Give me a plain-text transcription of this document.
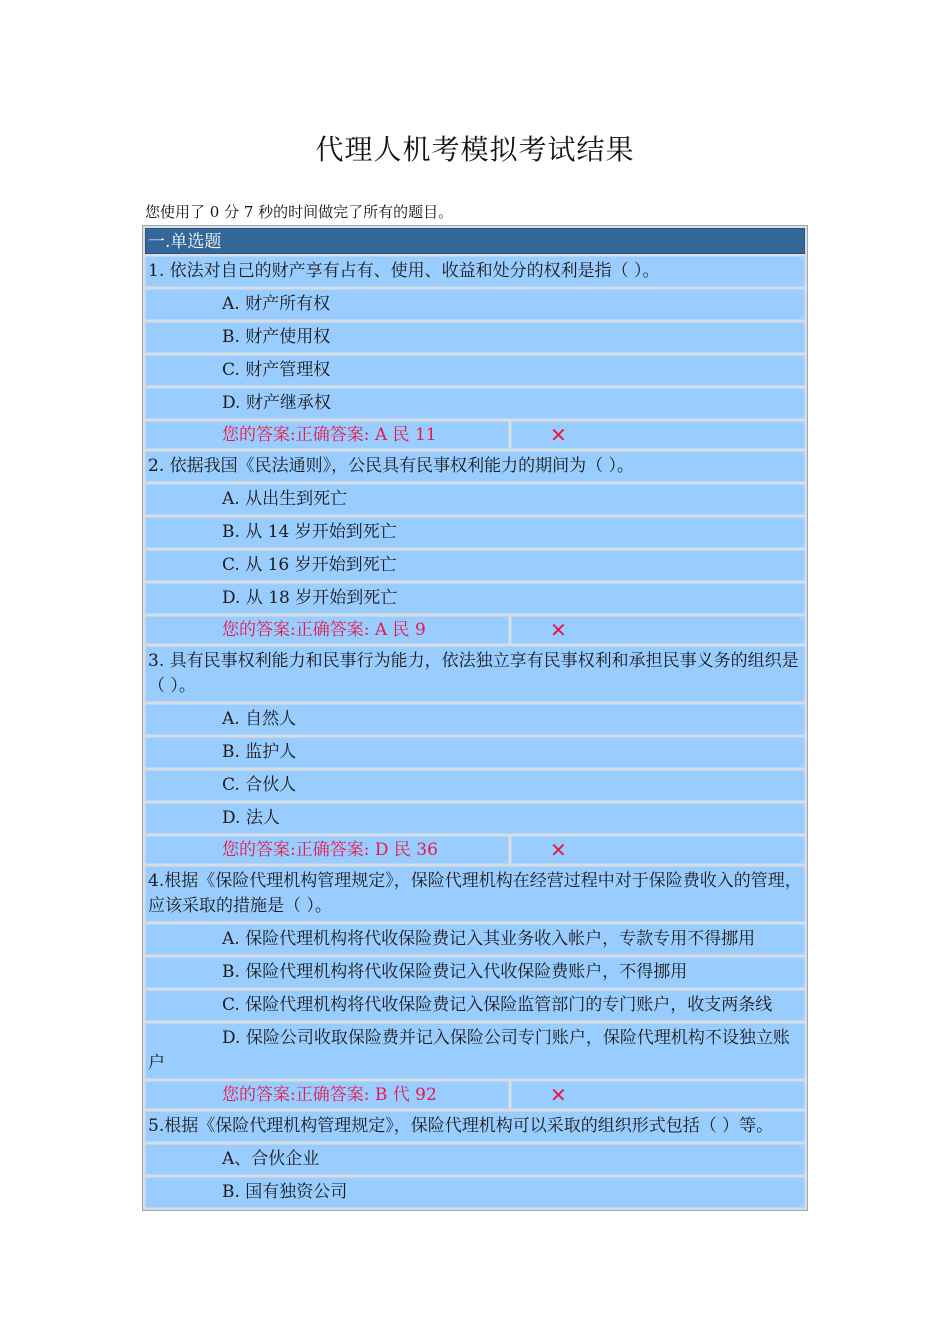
代理人机考模拟考试结果
您使用了 0 分 7 秒的时间做完了所有的题目。
一.单选题
1. 依法对自己的财产享有占有、使用、收益和处分的权利是指（ ）。
A. 财产所有权
B. 财产使用权
C. 财产管理权
D. 财产继承权
您的答案:正确答案: A 民 11	✕
2. 依据我国《民法通则》，公民具有民事权利能力的期间为（ ）。
A. 从出生到死亡
B. 从 14 岁开始到死亡
C. 从 16 岁开始到死亡
D. 从 18 岁开始到死亡
您的答案:正确答案: A 民 9	✕
3. 具有民事权利能力和民事行为能力，依法独立享有民事权利和承担民事义务的组织是（ ）。
A. 自然人
B. 监护人
C. 合伙人
D. 法人
您的答案:正确答案: D 民 36	✕
4.根据《保险代理机构管理规定》，保险代理机构在经营过程中对于保险费收入的管理，应该采取的措施是（ ）。
A. 保险代理机构将代收保险费记入其业务收入帐户，专款专用不得挪用
B. 保险代理机构将代收保险费记入代收保险费账户，不得挪用
C. 保险代理机构将代收保险费记入保险监管部门的专门账户，收支两条线
D. 保险公司收取保险费并记入保险公司专门账户，保险代理机构不设独立账户
您的答案:正确答案: B 代 92	✕
5.根据《保险代理机构管理规定》，保险代理机构可以采取的组织形式包括（ ）等。
A、合伙企业
B. 国有独资公司
